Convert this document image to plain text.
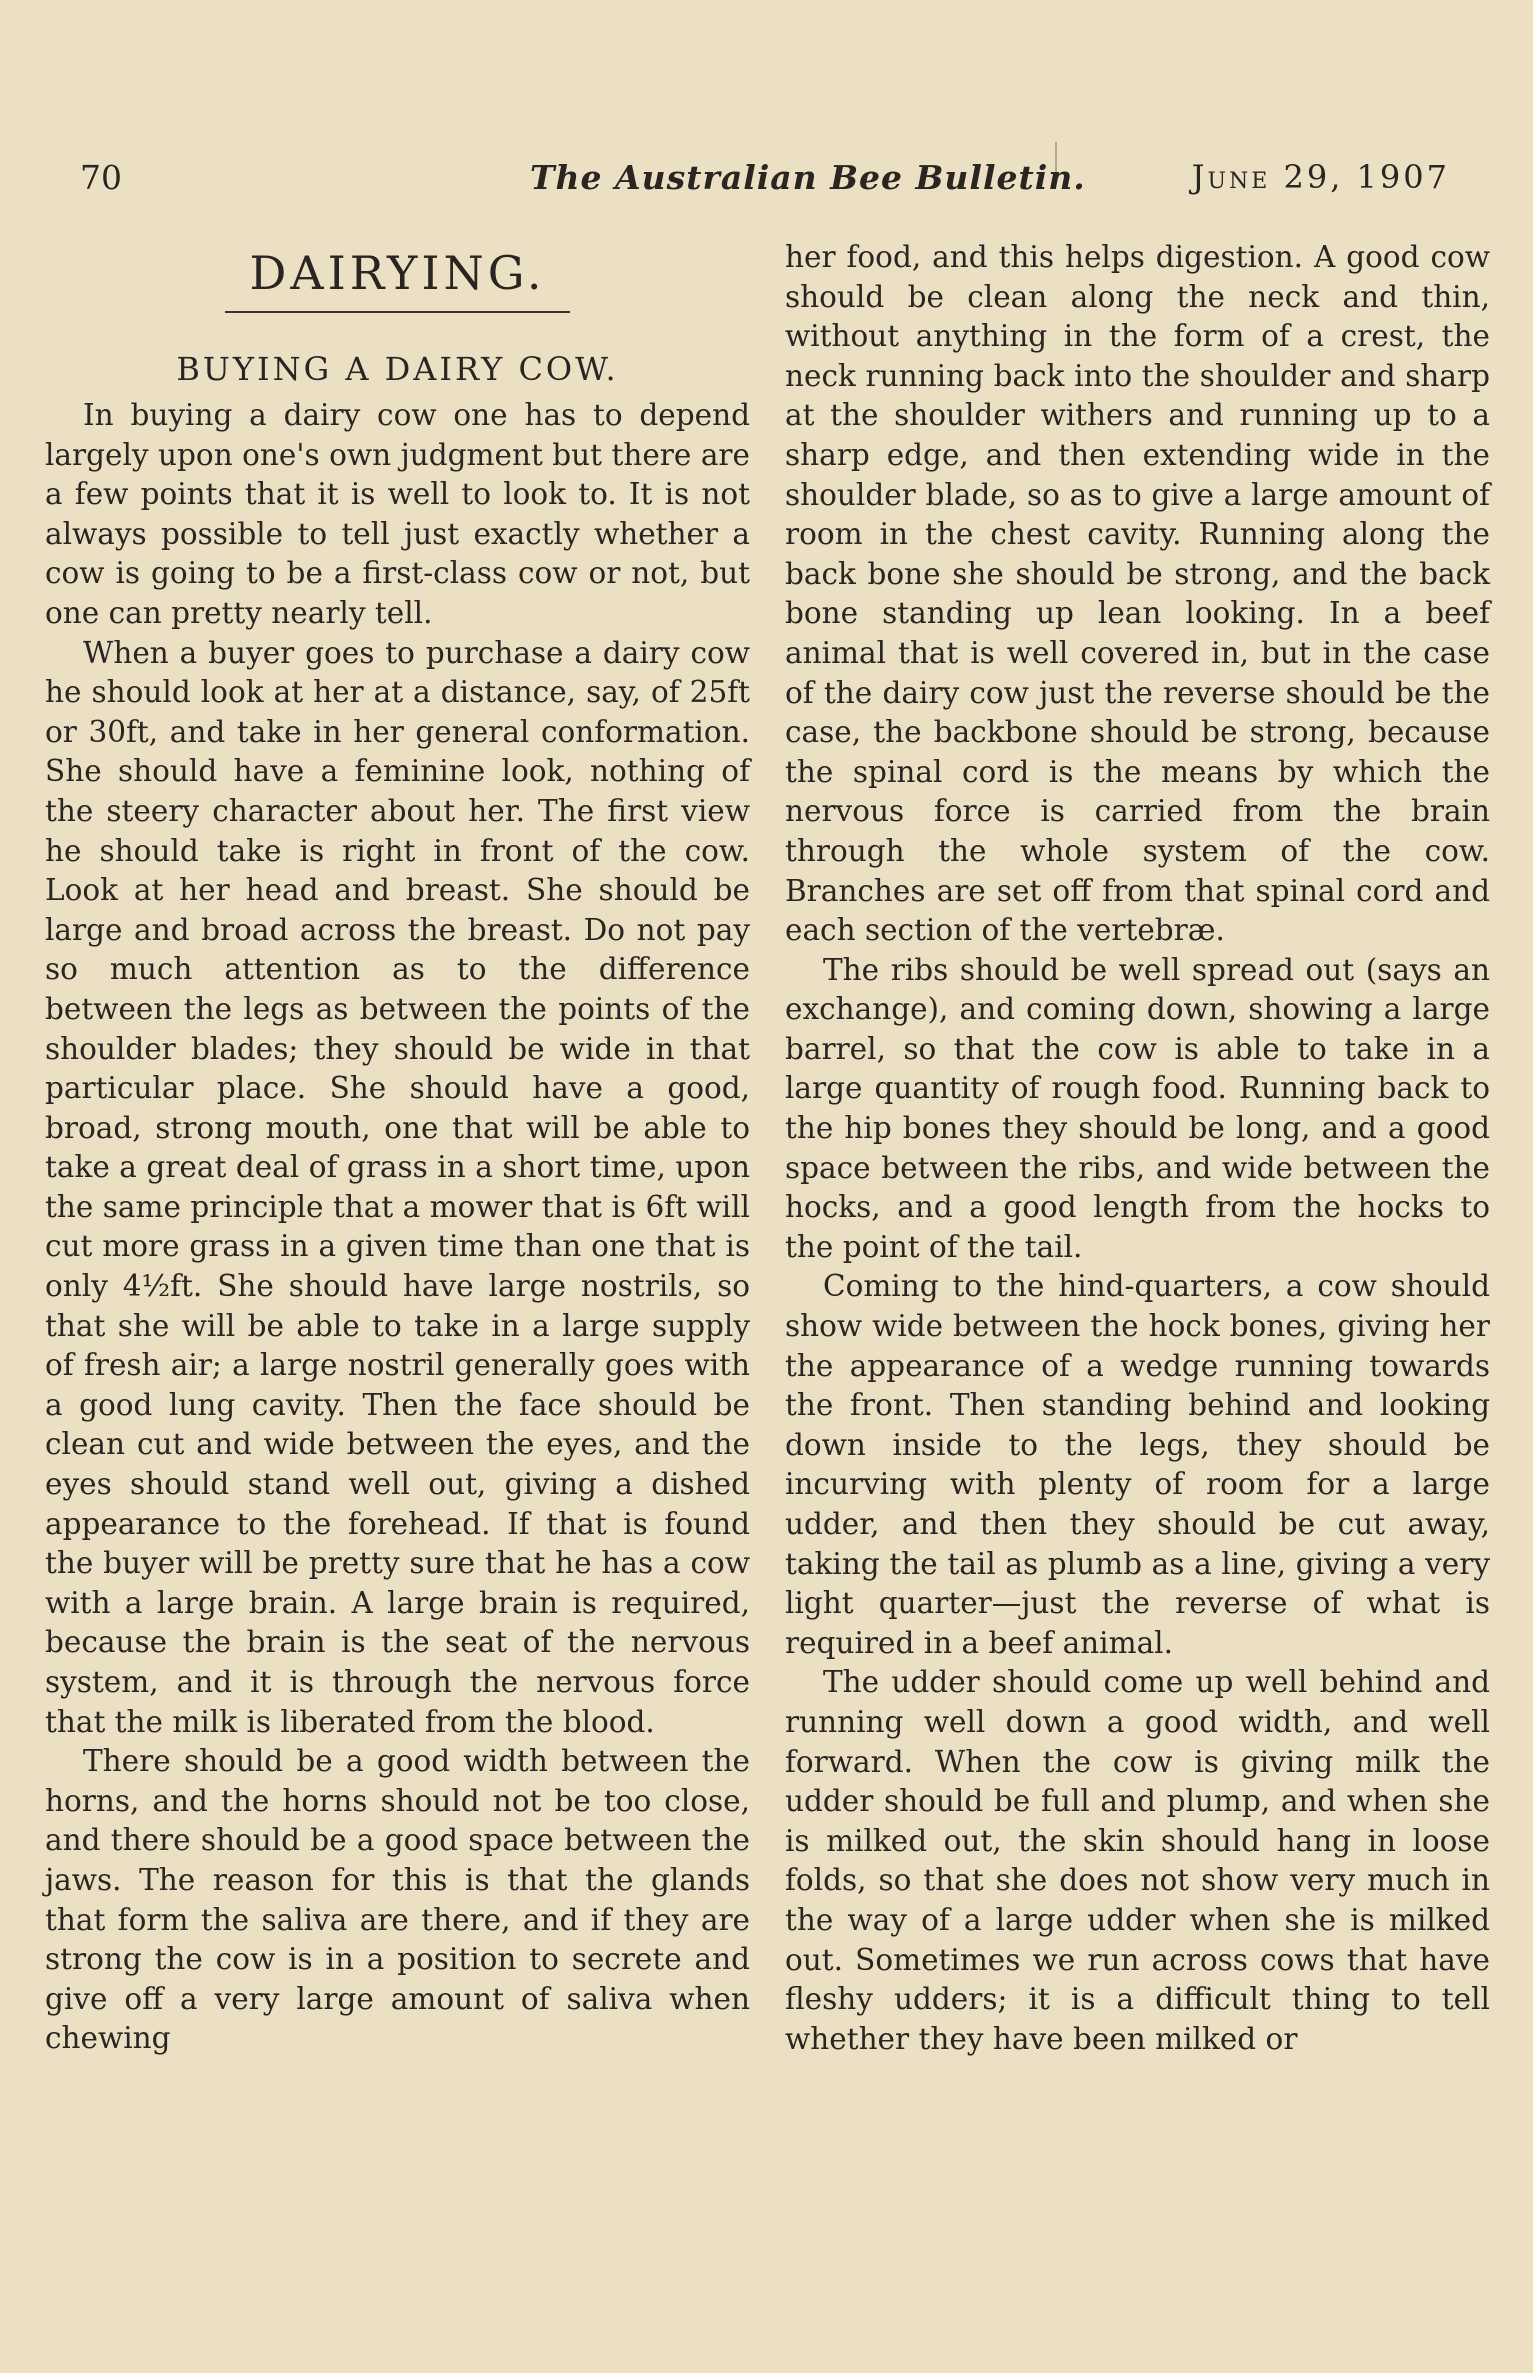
70	The Australian Bee Bulletin.	June 29, 1907
DAIRYING.
BUYING A DAIRY COW.

In buying a dairy cow one has to depend largely upon one's own judgment but there are a few points that it is well to look to. It is not always possible to tell just exactly whether a cow is going to be a first-class cow or not, but one can pretty nearly tell.

When a buyer goes to purchase a dairy cow he should look at her at a distance, say, of 25ft or 30ft, and take in her general conformation. She should have a feminine look, nothing of the steery character about her. The first view he should take is right in front of the cow. Look at her head and breast. She should be large and broad across the breast. Do not pay so much attention as to the difference between the legs as between the points of the shoulder blades; they should be wide in that particular place. She should have a good, broad, strong mouth, one that will be able to take a great deal of grass in a short time, upon the same principle that a mower that is 6ft will cut more grass in a given time than one that is only 4½ft. She should have large nostrils, so that she will be able to take in a large supply of fresh air; a large nostril generally goes with a good lung cavity. Then the face should be clean cut and wide between the eyes, and the eyes should stand well out, giving a dished appearance to the forehead. If that is found the buyer will be pretty sure that he has a cow with a large brain. A large brain is required, because the brain is the seat of the nervous system, and it is through the nervous force that the milk is liberated from the blood.

There should be a good width between the horns, and the horns should not be too close, and there should be a good space between the jaws. The reason for this is that the glands that form the saliva are there, and if they are strong the cow is in a position to secrete and give off a very large amount of saliva when chewing

her food, and this helps digestion. A good cow should be clean along the neck and thin, without anything in the form of a crest, the neck running back into the shoulder and sharp at the shoulder withers and running up to a sharp edge, and then extending wide in the shoulder blade, so as to give a large amount of room in the chest cavity. Running along the back bone she should be strong, and the back bone standing up lean looking. In a beef animal that is well covered in, but in the case of the dairy cow just the reverse should be the case, the backbone should be strong, because the spinal cord is the means by which the nervous force is carried from the brain through the whole system of the cow. Branches are set off from that spinal cord and each section of the vertebræ.

The ribs should be well spread out (says an exchange), and coming down, showing a large barrel, so that the cow is able to take in a large quantity of rough food. Running back to the hip bones they should be long, and a good space between the ribs, and wide between the hocks, and a good length from the hocks to the point of the tail.

Coming to the hind-quarters, a cow should show wide between the hock bones, giving her the appearance of a wedge running towards the front. Then standing behind and looking down inside to the legs, they should be incurving with plenty of room for a large udder, and then they should be cut away, taking the tail as plumb as a line, giving a very light quarter—just the reverse of what is required in a beef animal.

The udder should come up well behind and running well down a good width, and well forward. When the cow is giving milk the udder should be full and plump, and when she is milked out, the skin should hang in loose folds, so that she does not show very much in the way of a large udder when she is milked out. Sometimes we run across cows that have fleshy udders; it is a difficult thing to tell whether they have been milked or
